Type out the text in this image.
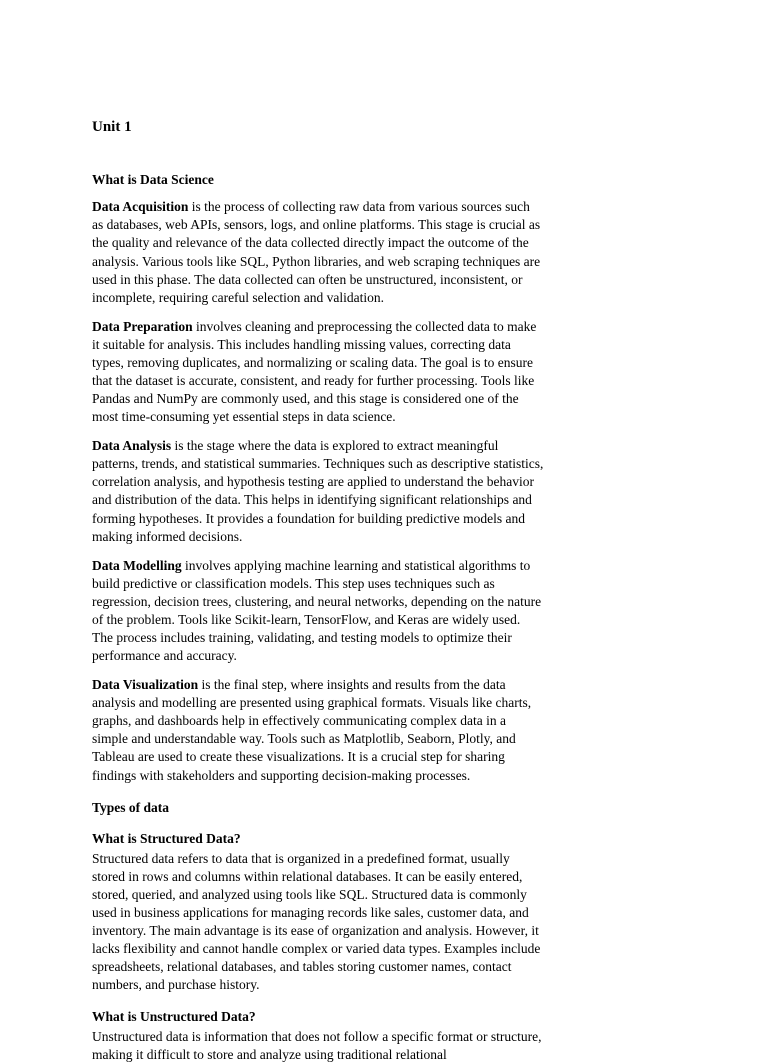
Unit 1
What is Data Science

Data Acquisition is the process of collecting raw data from various sources such as databases, web APIs, sensors, logs, and online platforms. This stage is crucial as the quality and relevance of the data collected directly impact the outcome of the analysis. Various tools like SQL, Python libraries, and web scraping techniques are used in this phase. The data collected can often be unstructured, inconsistent, or incomplete, requiring careful selection and validation.

Data Preparation involves cleaning and preprocessing the collected data to make it suitable for analysis. This includes handling missing values, correcting data types, removing duplicates, and normalizing or scaling data. The goal is to ensure that the dataset is accurate, consistent, and ready for further processing. Tools like Pandas and NumPy are commonly used, and this stage is considered one of the most time-consuming yet essential steps in data science.

Data Analysis is the stage where the data is explored to extract meaningful patterns, trends, and statistical summaries. Techniques such as descriptive statistics, correlation analysis, and hypothesis testing are applied to understand the behavior and distribution of the data. This helps in identifying significant relationships and forming hypotheses. It provides a foundation for building predictive models and making informed decisions.

Data Modelling involves applying machine learning and statistical algorithms to build predictive or classification models. This step uses techniques such as regression, decision trees, clustering, and neural networks, depending on the nature of the problem. Tools like Scikit-learn, TensorFlow, and Keras are widely used. The process includes training, validating, and testing models to optimize their performance and accuracy.

Data Visualization is the final step, where insights and results from the data analysis and modelling are presented using graphical formats. Visuals like charts, graphs, and dashboards help in effectively communicating complex data in a simple and understandable way. Tools such as Matplotlib, Seaborn, Plotly, and Tableau are used to create these visualizations. It is a crucial step for sharing findings with stakeholders and supporting decision-making processes.

Types of data
What is Structured Data?

Structured data refers to data that is organized in a predefined format, usually stored in rows and columns within relational databases. It can be easily entered, stored, queried, and analyzed using tools like SQL. Structured data is commonly used in business applications for managing records like sales, customer data, and inventory. The main advantage is its ease of organization and analysis. However, it lacks flexibility and cannot handle complex or varied data types. Examples include spreadsheets, relational databases, and tables storing customer names, contact numbers, and purchase history.

What is Unstructured Data?

Unstructured data is information that does not follow a specific format or structure, making it difficult to store and analyze using traditional relational
